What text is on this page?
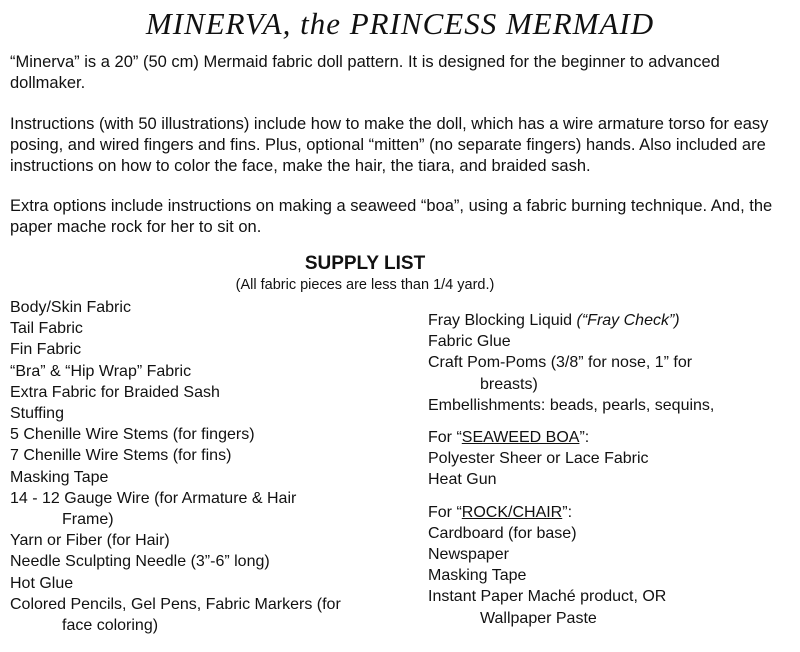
MINERVA, the PRINCESS MERMAID
“Minerva” is a 20” (50 cm) Mermaid fabric doll pattern. It is designed for the beginner to advanced dollmaker.
Instructions (with 50 illustrations) include how to make the doll, which has a wire armature torso for easy posing, and wired fingers and fins. Plus, optional “mitten” (no separate fingers) hands. Also included are instructions on how to color the face, make the hair, the tiara, and braided sash.
Extra options include instructions on making a seaweed “boa”, using a fabric burning technique. And, the paper mache rock for her to sit on.
SUPPLY LIST
(All fabric pieces are less than 1/4 yard.)
Body/Skin Fabric
Tail Fabric
Fin Fabric
“Bra” & “Hip Wrap” Fabric
Extra Fabric for Braided Sash
Stuffing
5 Chenille Wire Stems (for fingers)
7 Chenille Wire Stems (for fins)
Masking Tape
14 - 12 Gauge Wire (for Armature & Hair
Frame)
Yarn or Fiber (for Hair)
Needle Sculpting Needle (3”-6” long)
Hot Glue
Colored Pencils, Gel Pens, Fabric Markers (for
face coloring)
Fray Blocking Liquid (“Fray Check”)
Fabric Glue
Craft Pom-Poms (3/8” for nose, 1” for
breasts)
Embellishments: beads, pearls, sequins,
For “SEAWEED BOA”:
Polyester Sheer or Lace Fabric
Heat Gun
For “ROCK/CHAIR”:
Cardboard (for base)
Newspaper
Masking Tape
Instant Paper Maché product, OR
Wallpaper Paste
